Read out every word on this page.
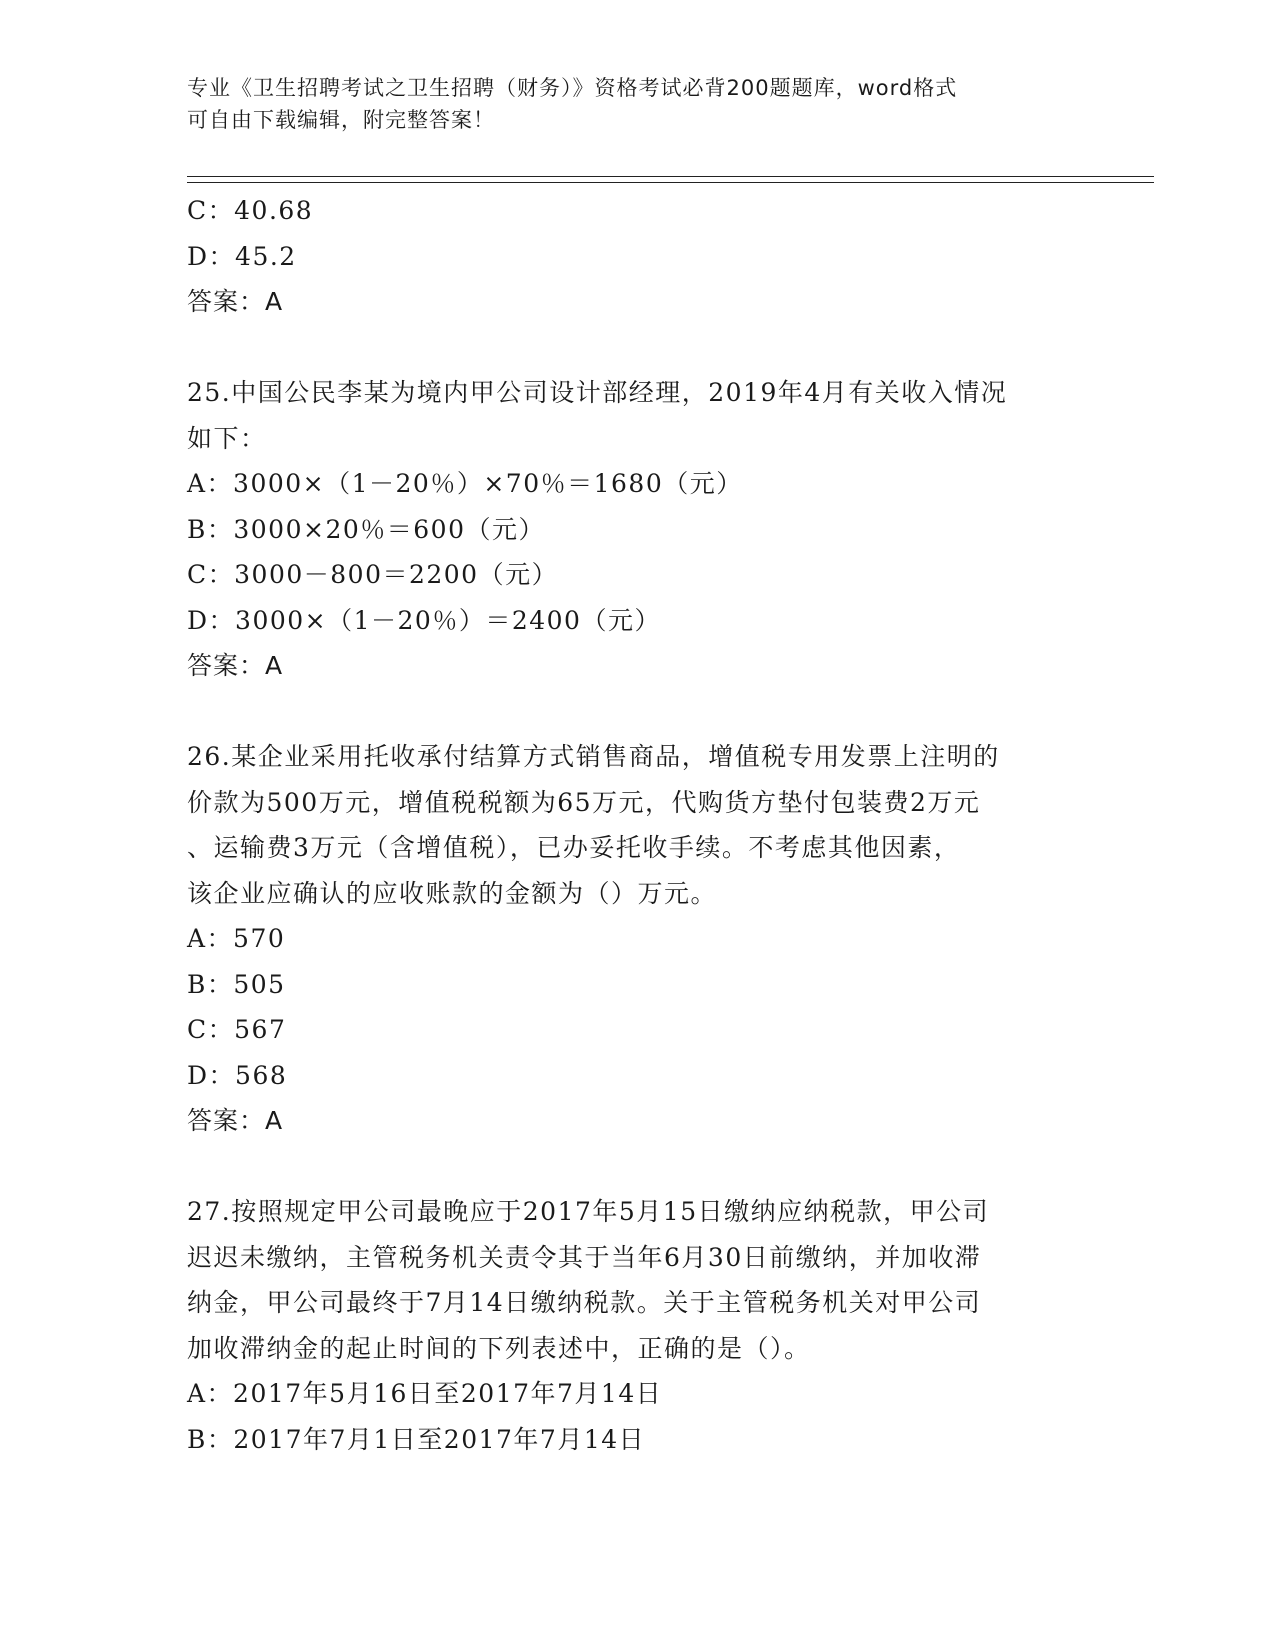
专业《卫生招聘考试之卫生招聘（财务）》资格考试必背200题题库，word格式
可自由下载编辑，附完整答案！
C：40.68
D：45.2
答案：A
25.中国公民李某为境内甲公司设计部经理，2019年4月有关收入情况
如下：
A：3000×（1－20％）×70％＝1680（元）
B：3000×20％＝600（元）
C：3000－800＝2200（元）
D：3000×（1－20％）＝2400（元）
答案：A
26.某企业采用托收承付结算方式销售商品，增值税专用发票上注明的
价款为500万元，增值税税额为65万元，代购货方垫付包装费2万元
、运输费3万元（含增值税），已办妥托收手续。不考虑其他因素，
该企业应确认的应收账款的金额为（）万元。
A：570
B：505
C：567
D：568
答案：A
27.按照规定甲公司最晚应于2017年5月15日缴纳应纳税款，甲公司
迟迟未缴纳，主管税务机关责令其于当年6月30日前缴纳，并加收滞
纳金，甲公司最终于7月14日缴纳税款。关于主管税务机关对甲公司
加收滞纳金的起止时间的下列表述中，正确的是（）。
A：2017年5月16日至2017年7月14日
B：2017年7月1日至2017年7月14日
